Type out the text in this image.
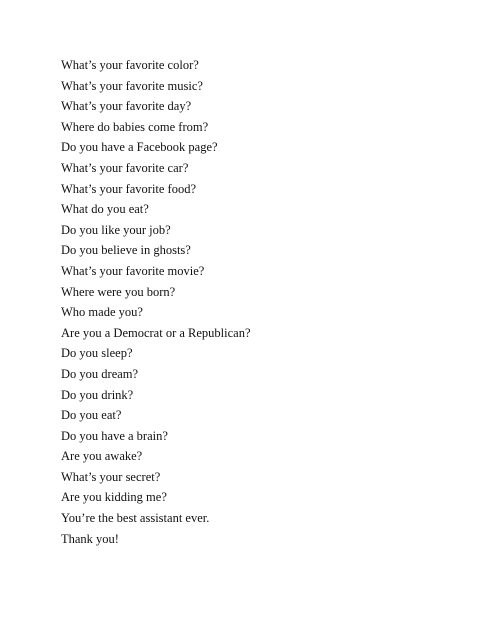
What’s your favorite color?
What’s your favorite music?
What’s your favorite day?
Where do babies come from?
Do you have a Facebook page?
What’s your favorite car?
What’s your favorite food?
What do you eat?
Do you like your job?
Do you believe in ghosts?
What’s your favorite movie?
Where were you born?
Who made you?
Are you a Democrat or a Republican?
Do you sleep?
Do you dream?
Do you drink?
Do you eat?
Do you have a brain?
Are you awake?
What’s your secret?
Are you kidding me?
You’re the best assistant ever.
Thank you!
